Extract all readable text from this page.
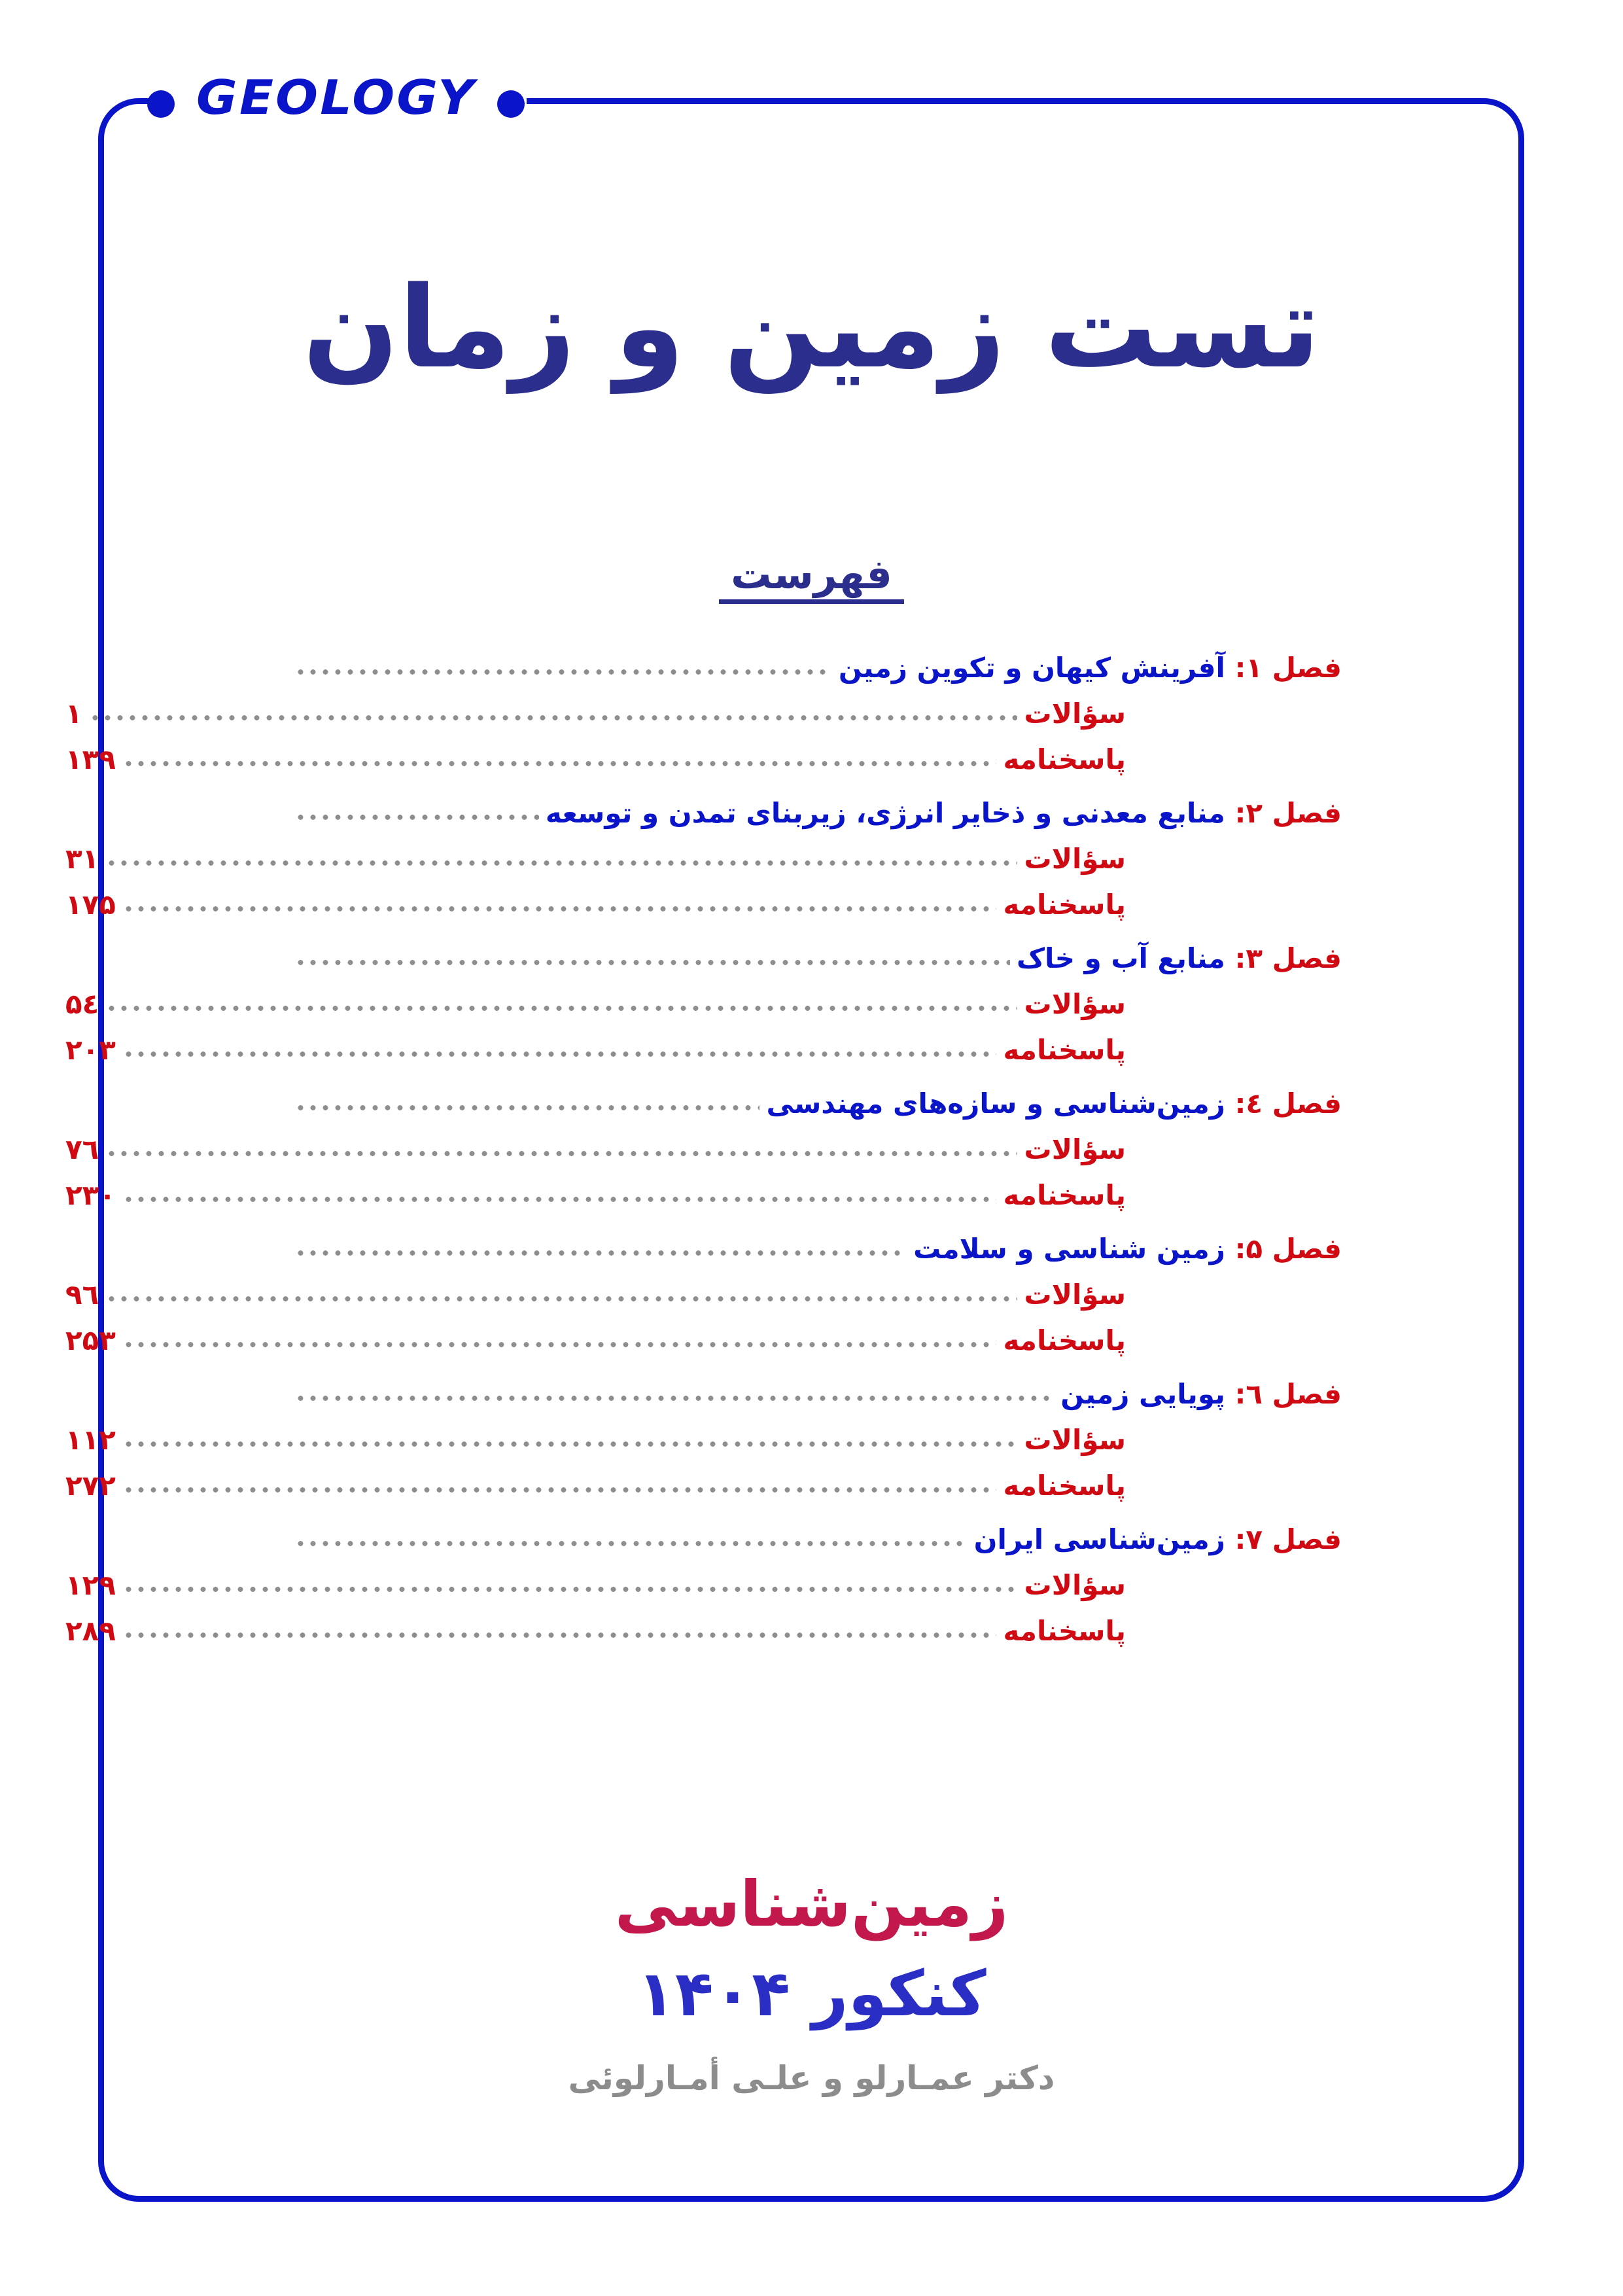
GEOLOGY
تست زمین و زمان
فهرست
فصل ۱: آفرینش کیهان و تکوین زمین
سؤالات
۱
پاسخنامه
۱۳۹
فصل ۲: منابع معدنی و ذخایر انرژی، زیربنای تمدن و توسعه
سؤالات
۳۱
پاسخنامه
۱۷۵
فصل ۳: منابع آب و خاک
سؤالات
۵٤
پاسخنامه
۲۰۳
فصل ٤: زمین‌شناسی و سازه‌های مهندسی
سؤالات
۷٦
پاسخنامه
۲۳۰
فصل ۵: زمین شناسی و سلامت
سؤالات
۹٦
پاسخنامه
۲۵۳
فصل ٦: پویایی زمین
سؤالات
۱۱۲
پاسخنامه
۲۷۲
فصل ۷: زمین‌شناسی ایران
سؤالات
۱۲۹
پاسخنامه
۲۸۹
زمین‌شناسی
کنکور ۱۴۰۴
دکتر عمـارلو و علـی أمـارلوئی
